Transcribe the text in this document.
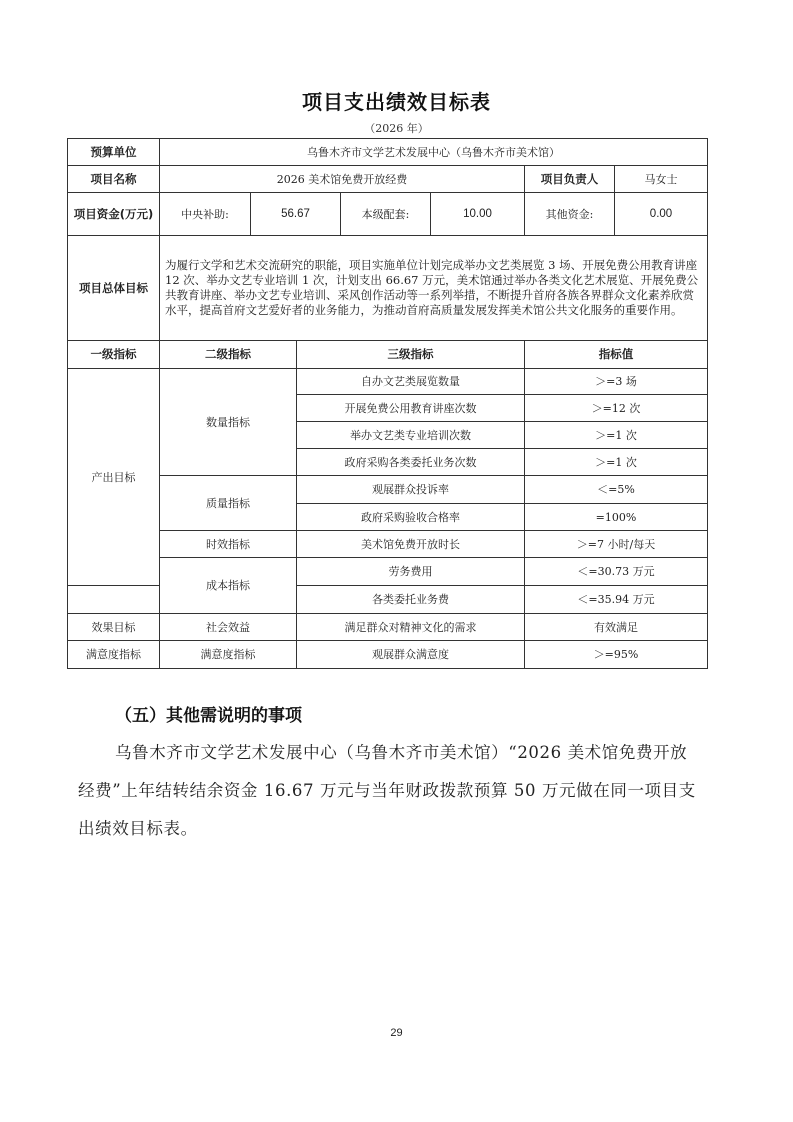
项目支出绩效目标表
（2026 年）
预算单位	乌鲁木齐市文学艺术发展中心（乌鲁木齐市美术馆）						
项目名称	2026 美术馆免费开放经费					项目负责人	马女士
项目资金(万元)	中央补助:	56.67		本级配套:	10.00	其他资金:	0.00
项目总体目标	为履行文学和艺术交流研究的职能，项目实施单位计划完成举办文艺类展览 3 场、开展免费公用教育讲座 12 次、举办文艺专业培训 1 次，计划支出 66.67 万元，美术馆通过举办各类文化艺术展览、开展免费公共教育讲座、举办文艺专业培训、采风创作活动等一系列举措，不断提升首府各族各界群众文化素养欣赏水平，提高首府文艺爱好者的业务能力，为推动首府高质量发展发挥美术馆公共文化服务的重要作用。						
一级指标	二级指标		三级指标			指标值	
产出目标	数量指标		自办文艺类展览数量			＞=3 场	
			开展免费公用教育讲座次数			＞=12 次	
			举办文艺类专业培训次数			＞=1 次	
			政府采购各类委托业务次数			＞=1 次	
	质量指标		观展群众投诉率			＜=5%	
			政府采购验收合格率			=100%	
	时效指标		美术馆免费开放时长			＞=7 小时/每天	
	成本指标		劳务费用			＜=30.73 万元	
			各类委托业务费			＜=35.94 万元	
效果目标	社会效益		满足群众对精神文化的需求			有效满足	
满意度指标	满意度指标		观展群众满意度			＞=95%	
（五）其他需说明的事项
乌鲁木齐市文学艺术发展中心（乌鲁木齐市美术馆）“2026 美术馆免费开放经费”上年结转结余资金 16.67 万元与当年财政拨款预算 50 万元做在同一项目支出绩效目标表。
29
